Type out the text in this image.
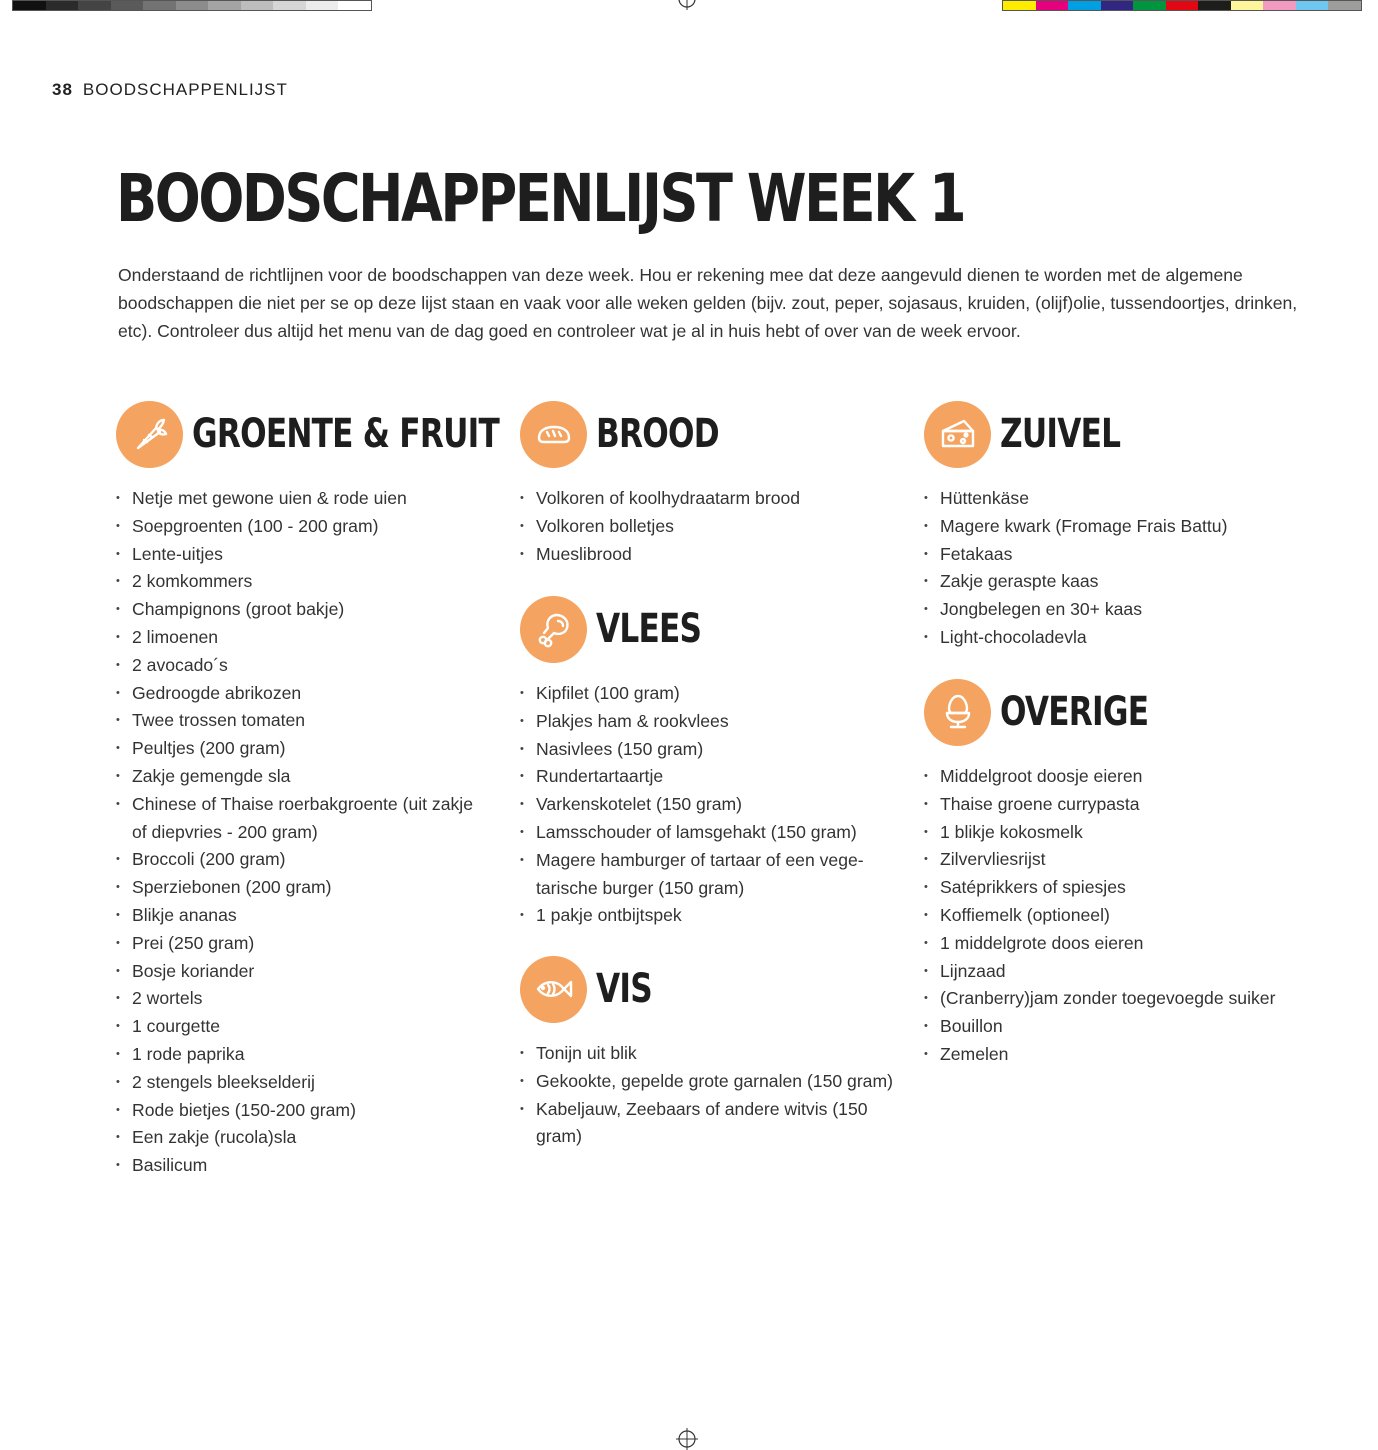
38 BOODSCHAPPENLIJST
BOODSCHAPPENLIJST WEEK 1

Onderstaand de richtlijnen voor de boodschappen van deze week. Hou er rekening mee dat deze aangevuld dienen te worden met de algemene boodschappen die niet per se op deze lijst staan en vaak voor alle weken gelden (bijv. zout, peper, sojasaus, kruiden, (olijf)olie, tussendoortjes, drinken, etc). Controleer dus altijd het menu van de dag goed en controleer wat je al in huis hebt of over van de week ervoor.

GROENTE & FRUIT
• Netje met gewone uien & rode uien
• Soepgroenten (100 - 200 gram)
• Lente-uitjes
• 2 komkommers
• Champignons (groot bakje)
• 2 limoenen
• 2 avocado´s
• Gedroogde abrikozen
• Twee trossen tomaten
• Peultjes (200 gram)
• Zakje gemengde sla
• Chinese of Thaise roerbakgroente (uit zakje of diepvries - 200 gram)
• Broccoli (200 gram)
• Sperziebonen (200 gram)
• Blikje ananas
• Prei (250 gram)
• Bosje koriander
• 2 wortels
• 1 courgette
• 1 rode paprika
• 2 stengels bleekselderij
• Rode bietjes (150-200 gram)
• Een zakje (rucola)sla
• Basilicum
BROOD
• Volkoren of koolhydraatarm brood
• Volkoren bolletjes
• Mueslibrood
VLEES
• Kipfilet (100 gram)
• Plakjes ham & rookvlees
• Nasivlees (150 gram)
• Rundertartaartje
• Varkenskotelet (150 gram)
• Lamsschouder of lamsgehakt (150 gram)
• Magere hamburger of tartaar of een vege-tarische burger (150 gram)
• 1 pakje ontbijtspek
VIS
• Tonijn uit blik
• Gekookte, gepelde grote garnalen (150 gram)
• Kabeljauw, Zeebaars of andere witvis (150 gram)
ZUIVEL
• Hüttenkäse
• Magere kwark (Fromage Frais Battu)
• Fetakaas
• Zakje geraspte kaas
• Jongbelegen en 30+ kaas
• Light-chocoladevla
OVERIGE
• Middelgroot doosje eieren
• Thaise groene currypasta
• 1 blikje kokosmelk
• Zilvervliesrijst
• Satéprikkers of spiesjes
• Koffiemelk (optioneel)
• 1 middelgrote doos eieren
• Lijnzaad
• (Cranberry)jam zonder toegevoegde suiker
• Bouillon
• Zemelen
